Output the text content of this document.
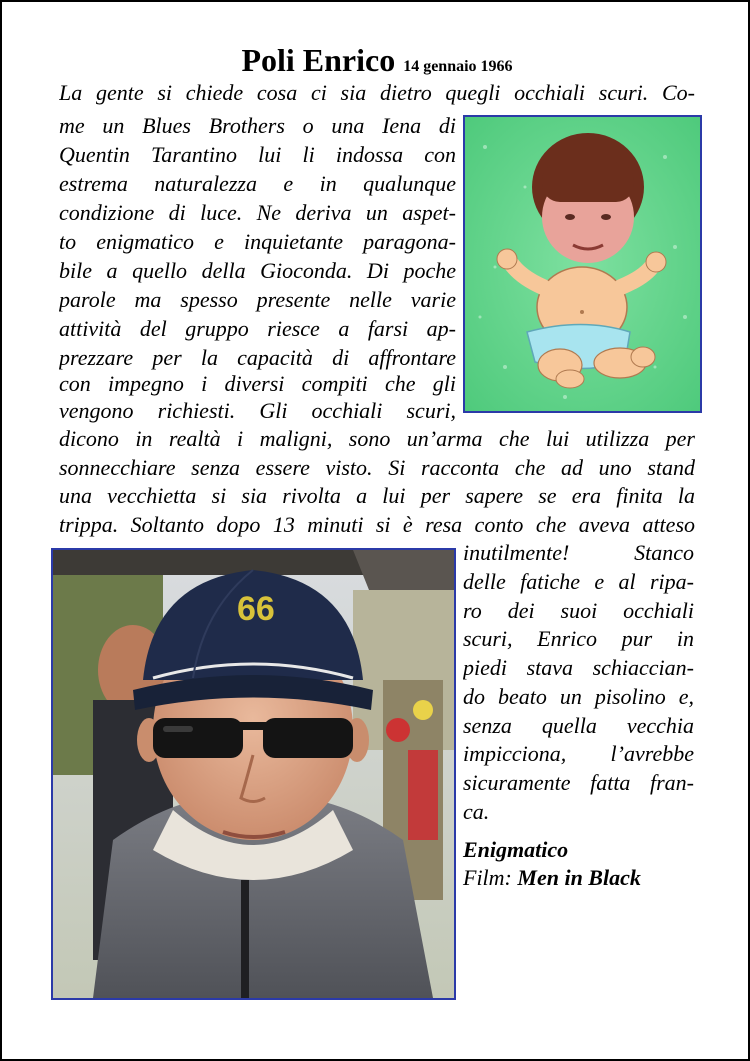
Poli Enrico 14 gennaio 1966
La gente si chiede cosa ci sia dietro quegli occhiali scuri. Co-
me un Blues Brothers o una Iena di
Quentin Tarantino lui li indossa con
estrema naturalezza e in qualunque
condizione di luce. Ne deriva un aspet-
to enigmatico e inquietante paragona-
bile a quello della Gioconda. Di poche
parole ma spesso presente nelle varie
attività del gruppo riesce a farsi ap-
prezzare per la capacità di affrontare
con impegno i diversi compiti che gli
vengono richiesti. Gli occhiali scuri,
dicono in realtà i maligni, sono un’arma che lui utilizza per
sonnecchiare senza essere visto. Si racconta che ad uno stand
una vecchietta si sia rivolta a lui per sapere se era finita la
trippa. Soltanto dopo 13 minuti si è resa conto che aveva atteso
inutilmente! Stanco
delle fatiche e al ripa-
ro dei suoi occhiali
scuri, Enrico pur in
piedi stava schiaccian-
do beato un pisolino e,
senza quella vecchia
impicciona, l’avrebbe
sicuramente fatta fran-
ca.
Enigmatico
Film: Men in Black
66
